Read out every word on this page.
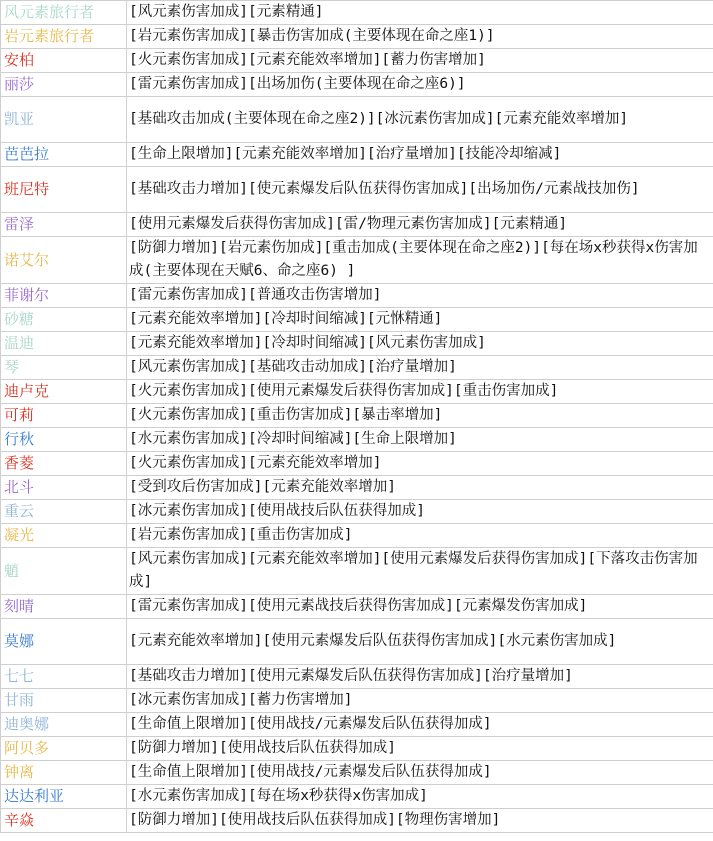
风元素旅行者	[风元素伤害加成][元素精通]
岩元素旅行者	[岩元素伤害加成][暴击伤害加成(主要体现在命之座1)]
安柏	[火元素伤害加成][元素充能效率增加][蓄力伤害增加]
丽莎	[雷元素伤害加成][出场加伤(主要体现在命之座6)]
凯亚	[基础攻击加成(主要体现在命之座2)][冰沅素伤害加成][元素充能效率增加]
芭芭拉	[生命上限增加][元素充能效率增加][治疗量增加][技能冷却缩减]
班尼特	[基础攻击力增加][使元素爆发后队伍获得伤害加成][出场加伤/元素战技加伤]
雷泽	[使用元素爆发后获得伤害加成][雷/物理元素伤害加成][元素精通]
诺艾尔	[防御力增加][岩元素伤加成][重击加成(主要体现在命之座2)][每在场x秒获得x伤害加成(主要体现在天赋6、命之座6) ]
菲谢尔	[雷元素伤害加成][普通攻击伤害增加]
砂糖	[元素充能效率增加][冷却时间缩减][元恘精通]
温迪	[元素充能效率增加][冷却时间缩减][风元素伤害加成]
琴	[风元素伤害加成][基础攻击动加成][治疗量增加]
迪卢克	[火元素伤害加成][使用元素爆发后获得伤害加成][重击伤害加成]
可莉	[火元素伤害加成][重击伤害加成][暴击率增加]
行秋	[水元素伤害加成][冷却时间缩减][生命上限增加]
香菱	[火元素伤害加成][元素充能效率增加]
北斗	[受到攻后伤害加成][元素充能效率增加]
重云	[冰元素伤害加成][使用战技后队伍获得加成]
凝光	[岩元素伤害加成][重击伤害加成]
魈	[风元素伤害加成][元素充能效率增加][使用元素爆发后获得伤害加成][下落攻击伤害加成]
刻晴	[雷元素伤害加成][使用元素战技后获得伤害加成][元素爆发伤害加成]
莫娜	[元素充能效率增加][使用元素爆发后队伍获得伤害加成][水元素伤害加成]
七七	[基础攻击力增加][使用元素爆发后队伍获得伤害加成][治疗量增加]
甘雨	[冰元素伤害加成][蓄力伤害增加]
迪奥娜	[生命值上限增加][使用战技/元素爆发后队伍获得加成]
阿贝多	[防御力增加][使用战技后队伍获得加成]
钟离	[生命值上限增加][使用战技/元素爆发后队伍获得加成]
达达利亚	[水元素伤害加成][每在场x秒获得x伤害加成]
辛焱	[防御力增加][使用战技后队伍获得加成][物理伤害增加]
